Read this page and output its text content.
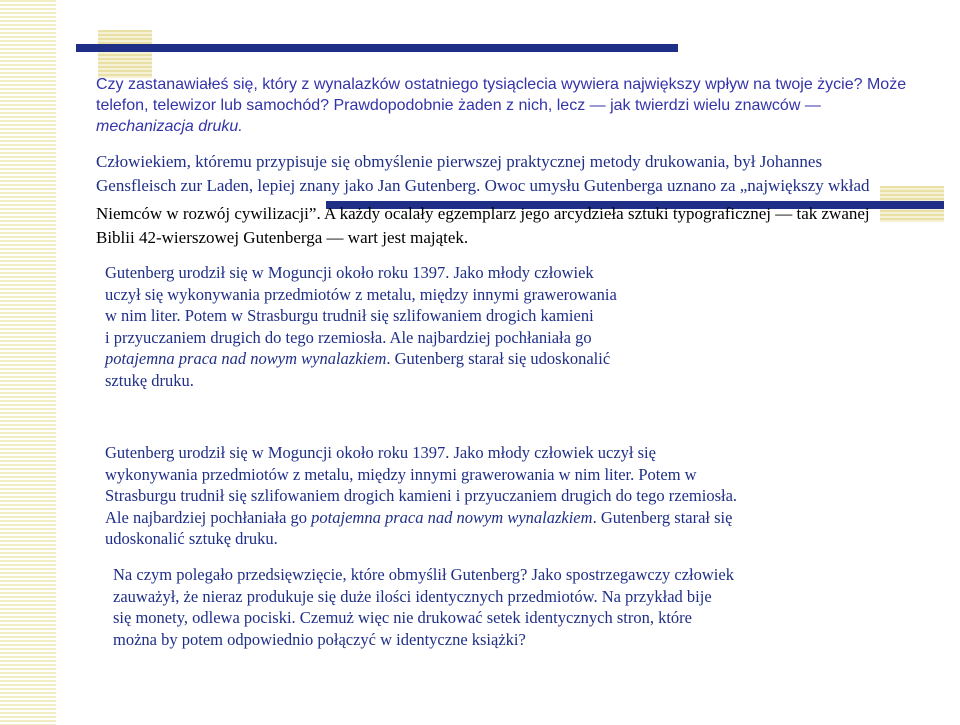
Czy zastanawiałeś się, który z wynalazków ostatniego tysiąclecia wywiera największy wpływ na twoje życie? Może
telefon, telewizor lub samochód? Prawdopodobnie żaden z nich, lecz — jak twierdzi wielu znawców —
mechanizacja druku.

Człowiekiem, któremu przypisuje się obmyślenie pierwszej praktycznej metody drukowania, był Johannes
Gensfleisch zur Laden, lepiej znany jako Jan Gutenberg. Owoc umysłu Gutenberga uznano za „największy wkład

Niemców w rozwój cywilizacji”. A każdy ocalały egzemplarz jego arcydzieła sztuki typograficznej — tak zwanej
Biblii 42-wierszowej Gutenberga — wart jest majątek.

Gutenberg urodził się w Moguncji około roku 1397. Jako młody człowiek
uczył się wykonywania przedmiotów z metalu, między innymi grawerowania
w nim liter. Potem w Strasburgu trudnił się szlifowaniem drogich kamieni
i przyuczaniem drugich do tego rzemiosła. Ale najbardziej pochłaniała go
potajemna praca nad nowym wynalazkiem. Gutenberg starał się udoskonalić
sztukę druku.

Gutenberg urodził się w Moguncji około roku 1397. Jako młody człowiek uczył się
wykonywania przedmiotów z metalu, między innymi grawerowania w nim liter. Potem w
Strasburgu trudnił się szlifowaniem drogich kamieni i przyuczaniem drugich do tego rzemiosła.
Ale najbardziej pochłaniała go potajemna praca nad nowym wynalazkiem. Gutenberg starał się
udoskonalić sztukę druku.

Na czym polegało przedsięwzięcie, które obmyślił Gutenberg? Jako spostrzegawczy człowiek
zauważył, że nieraz produkuje się duże ilości identycznych przedmiotów. Na przykład bije
się monety, odlewa pociski. Czemuż więc nie drukować setek identycznych stron, które
można by potem odpowiednio połączyć w identyczne książki?
